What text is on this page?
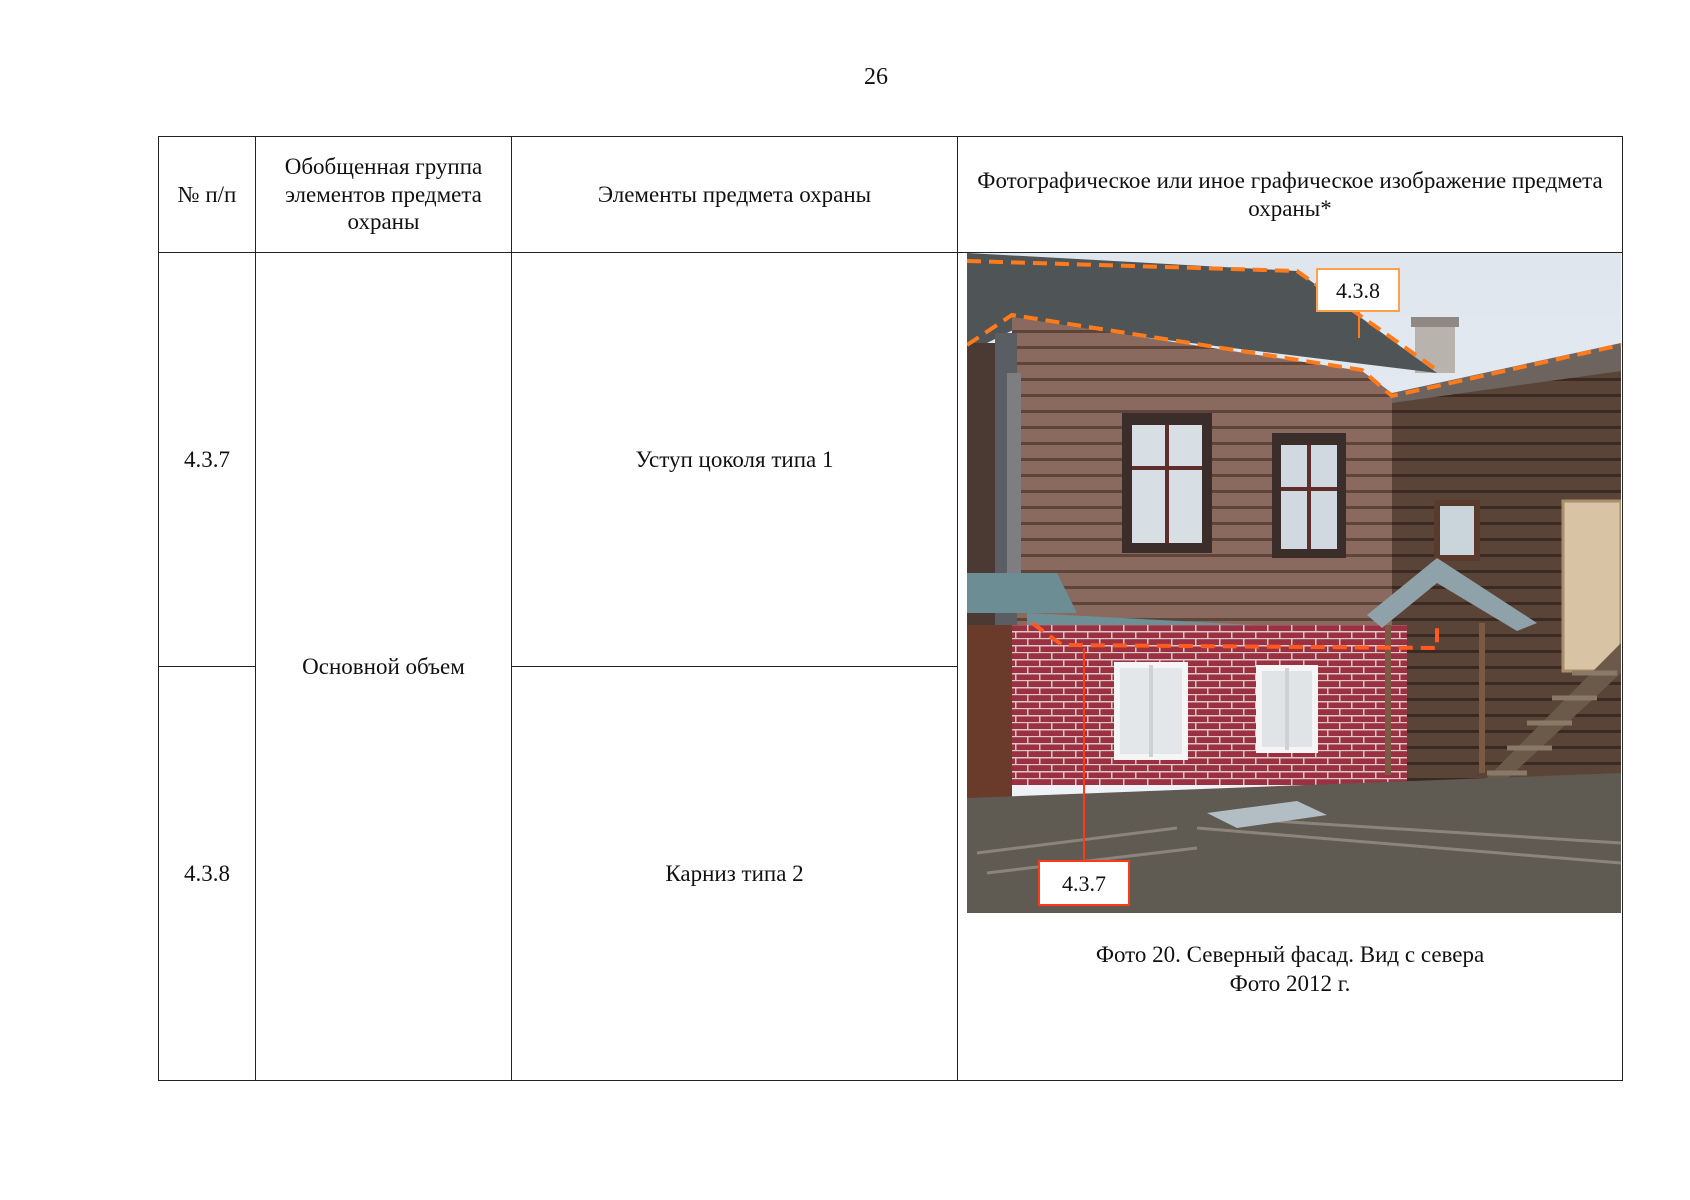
26
№ п/п	Обобщенная группа элементов предмета охраны	Элементы предмета охраны	Фотографическое или иное графическое изображение предмета охраны*
4.3.7	Основной объем	Уступ цоколя типа 1	4.3.8
4.3.7
Фото 20. Северный фасад. Вид с севера
Фото 2012 г.

4.3.8		Карниз типа 2	
